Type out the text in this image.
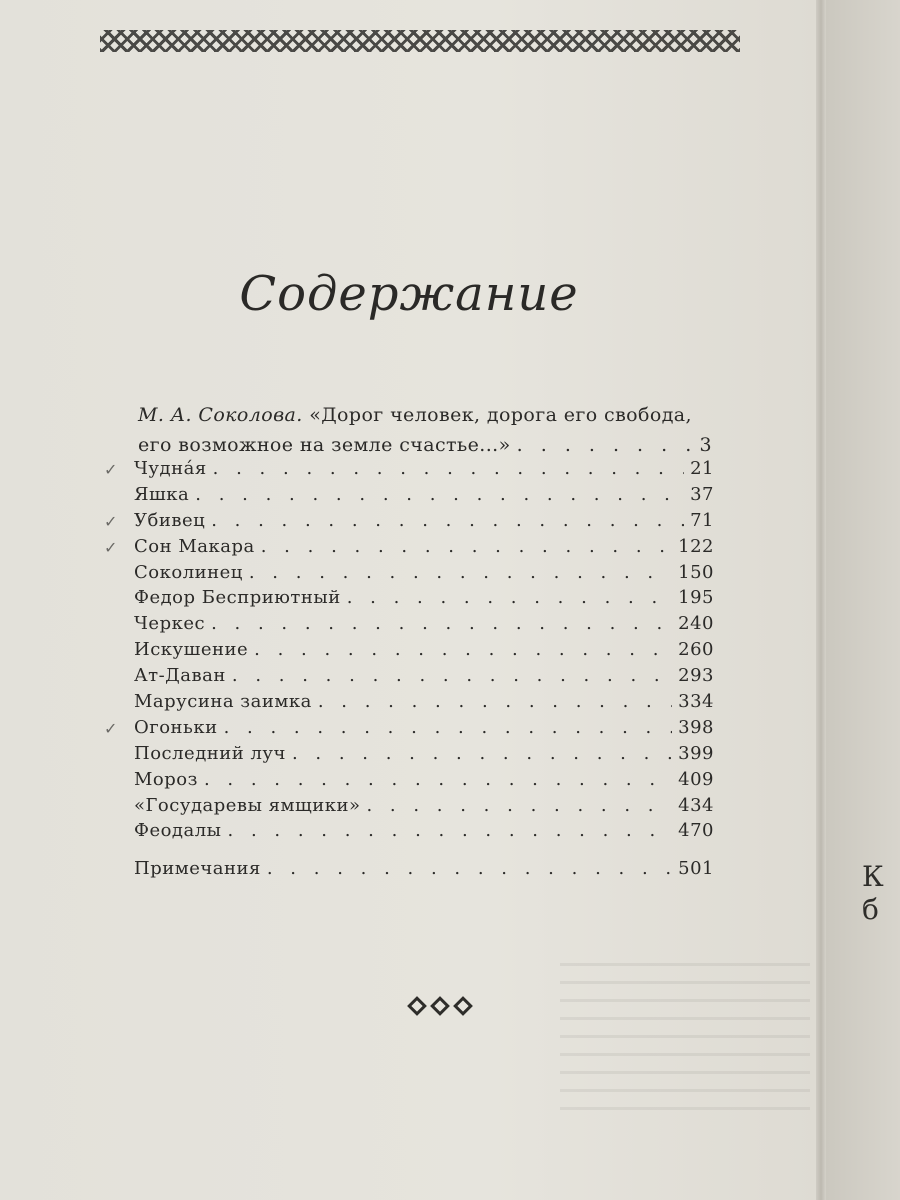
К б
Содержание
М. А. Соколова. «Дорог человек, дорога его свобода,
его возможное на земле счастье...» . . .	3
✓ Чудна́я . . .	21
Яшка . . .	37
✓ Убивец . . .	71
✓ Сон Макара . . .	122
Соколинец . . .	150
Федор Бесприютный . . .	195
Черкес . . .	240
Искушение . . .	260
Ат-Даван . . .	293
Марусина заимка . . .	334
✓ Огоньки . . .	398
Последний луч . . .	399
Мороз . . .	409
«Государевы ямщики» . . .	434
Феодалы . . .	470
Примечания . . .	501
